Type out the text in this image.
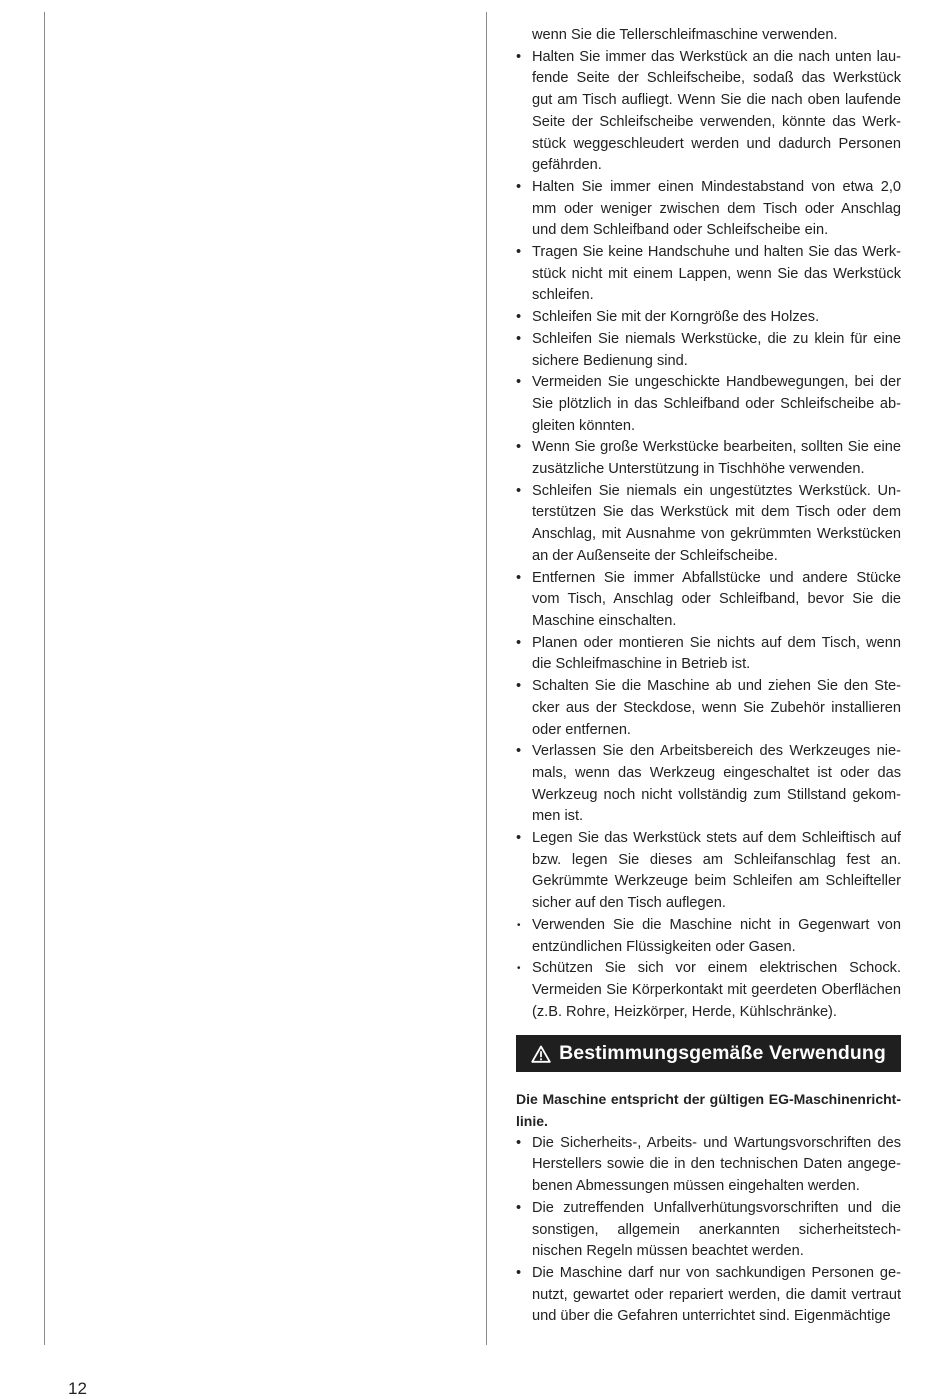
wenn Sie die Tellerschleifmaschine verwenden.

• Halten Sie immer das Werkstück an die nach unten laufende Seite der Schleifscheibe, sodaß das Werkstück gut am Tisch aufliegt. Wenn Sie die nach oben laufende Seite der Schleifscheibe verwenden, könnte das Werkstück weggeschleudert werden und dadurch Personen gefährden.
• Halten Sie immer einen Mindestabstand von etwa 2,0 mm oder weniger zwischen dem Tisch oder Anschlag und dem Schleifband oder Schleifscheibe ein.
• Tragen Sie keine Handschuhe und halten Sie das Werkstück nicht mit einem Lappen, wenn Sie das Werkstück schleifen.
• Schleifen Sie mit der Korngröße des Holzes.
• Schleifen Sie niemals Werkstücke, die zu klein für eine sichere Bedienung sind.
• Vermeiden Sie ungeschickte Handbewegungen, bei der Sie plötzlich in das Schleifband oder Schleifscheibe abgleiten könnten.
• Wenn Sie große Werkstücke bearbeiten, sollten Sie eine zusätzliche Unterstützung in Tischhöhe verwenden.
• Schleifen Sie niemals ein ungestütztes Werkstück. Unterstützen Sie das Werkstück mit dem Tisch oder dem Anschlag, mit Ausnahme von gekrümmten Werkstücken an der Außenseite der Schleifscheibe.
• Entfernen Sie immer Abfallstücke und andere Stücke vom Tisch, Anschlag oder Schleifband, bevor Sie die Maschine einschalten.
• Planen oder montieren Sie nichts auf dem Tisch, wenn die Schleifmaschine in Betrieb ist.
• Schalten Sie die Maschine ab und ziehen Sie den Stecker aus der Steckdose, wenn Sie Zubehör installieren oder entfernen.
• Verlassen Sie den Arbeitsbereich des Werkzeuges niemals, wenn das Werkzeug eingeschaltet ist oder das Werkzeug noch nicht vollständig zum Stillstand gekommen ist.
• Legen Sie das Werkstück stets auf dem Schleiftisch auf bzw. legen Sie dieses am Schleifanschlag fest an. Gekrümmte Werkzeuge beim Schleifen am Schleifteller sicher auf den Tisch auflegen.
• Verwenden Sie die Maschine nicht in Gegenwart von entzündlichen Flüssigkeiten oder Gasen.
• Schützen Sie sich vor einem elektrischen Schock. Vermeiden Sie Körperkontakt mit geerdeten Oberflächen (z.B. Rohre, Heizkörper, Herde, Kühlschränke).
Bestimmungsgemäße Verwendung

Die Maschine entspricht der gültigen EG-Maschinenrichtlinie.

• Die Sicherheits-, Arbeits- und Wartungsvorschriften des Herstellers sowie die in den technischen Daten angegebenen Abmessungen müssen eingehalten werden.
• Die zutreffenden Unfallverhütungsvorschriften und die sonstigen, allgemein anerkannten sicherheitstechnischen Regeln müssen beachtet werden.
• Die Maschine darf nur von sachkundigen Personen genutzt, gewartet oder repariert werden, die damit vertraut und über die Gefahren unterrichtet sind. Eigenmächtige
12
